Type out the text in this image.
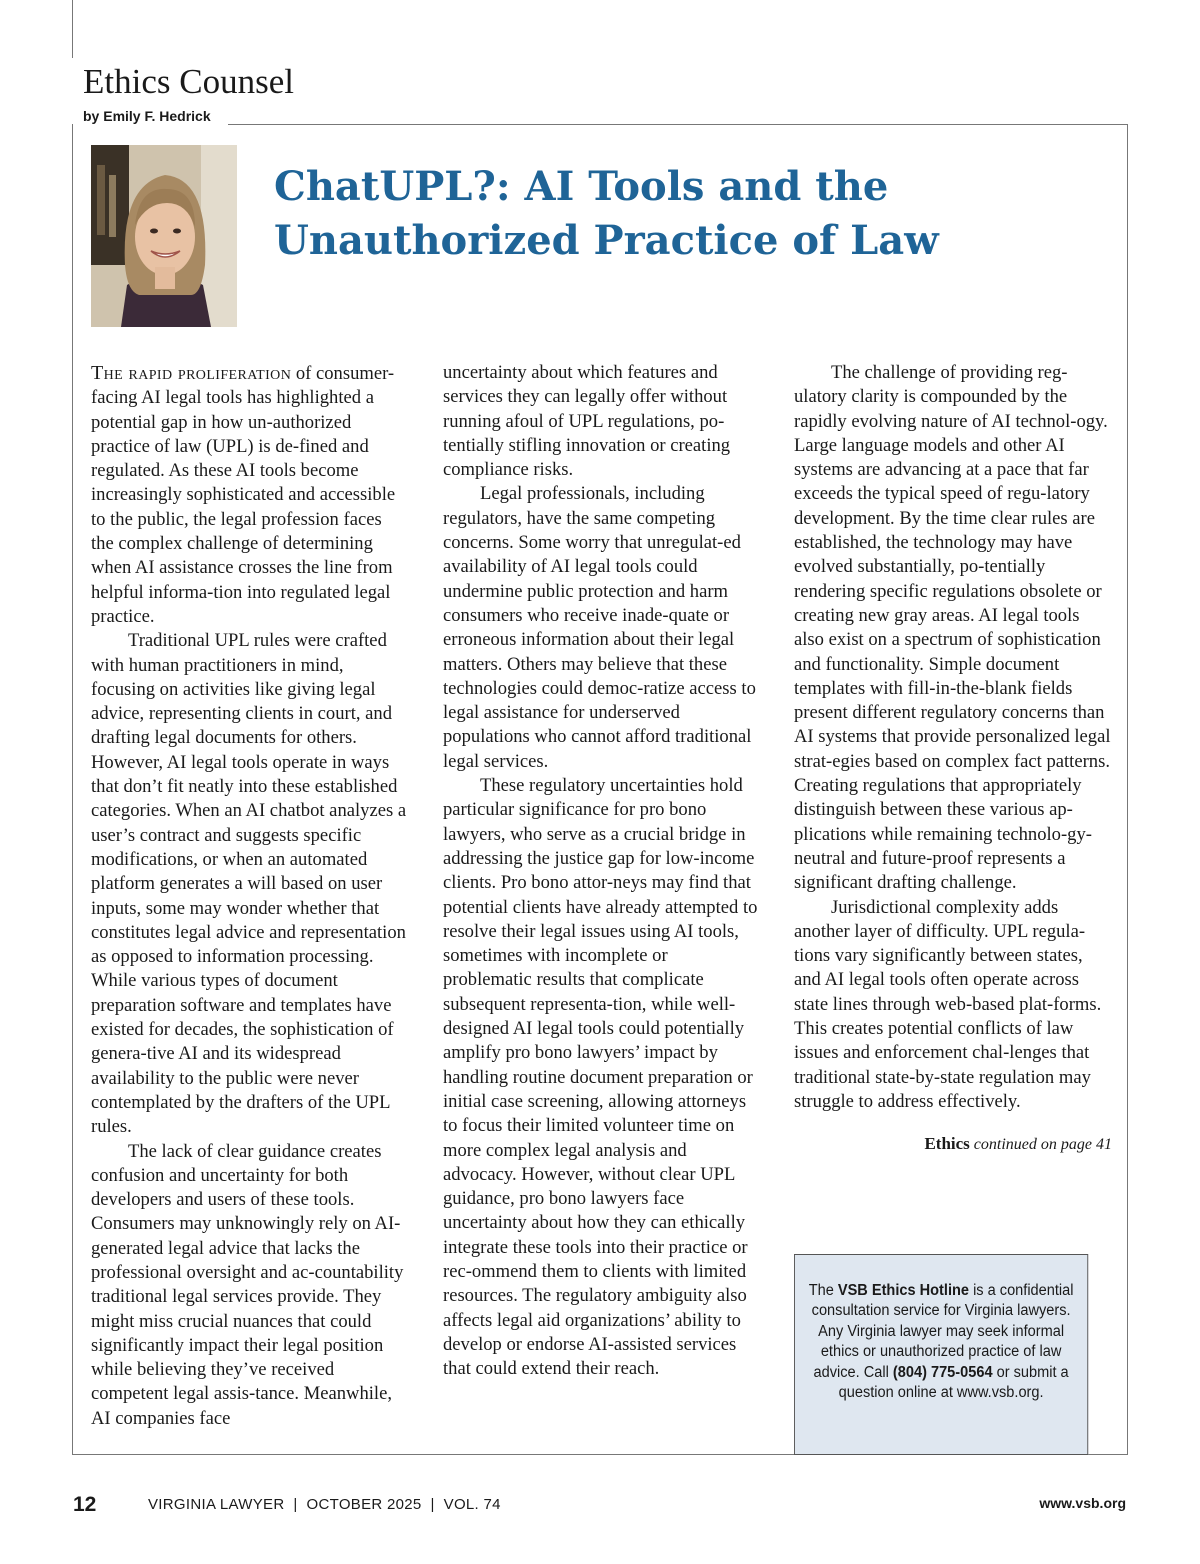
Ethics Counsel
by Emily F. Hedrick
ChatUPL?: AI Tools and the
Unauthorized Practice of Law

The rapid proliferation of consumer-facing AI legal tools has highlighted a potential gap in how un-authorized practice of law (UPL) is de-fined and regulated. As these AI tools become increasingly sophisticated and accessible to the public, the legal profession faces the complex challenge of determining when AI assistance crosses the line from helpful informa-tion into regulated legal practice.

Traditional UPL rules were crafted with human practitioners in mind, focusing on activities like giving legal advice, representing clients in court, and drafting legal documents for others. However, AI legal tools operate in ways that don’t fit neatly into these established categories. When an AI chatbot analyzes a user’s contract and suggests specific modifications, or when an automated platform generates a will based on user inputs, some may wonder whether that constitutes legal advice and representation as opposed to information processing. While various types of document preparation software and templates have existed for decades, the sophistication of genera-tive AI and its widespread availability to the public were never contemplated by the drafters of the UPL rules.

The lack of clear guidance creates confusion and uncertainty for both developers and users of these tools. Consumers may unknowingly rely on AI-generated legal advice that lacks the professional oversight and ac-countability traditional legal services provide. They might miss crucial nuances that could significantly impact their legal position while believing they’ve received competent legal assis-tance. Meanwhile, AI companies face

uncertainty about which features and services they can legally offer without running afoul of UPL regulations, po-tentially stifling innovation or creating compliance risks.

Legal professionals, including regulators, have the same competing concerns. Some worry that unregulat-ed availability of AI legal tools could undermine public protection and harm consumers who receive inade-quate or erroneous information about their legal matters. Others may believe that these technologies could democ-ratize access to legal assistance for underserved populations who cannot afford traditional legal services.

These regulatory uncertainties hold particular significance for pro bono lawyers, who serve as a crucial bridge in addressing the justice gap for low-income clients. Pro bono attor-neys may find that potential clients have already attempted to resolve their legal issues using AI tools, sometimes with incomplete or problematic results that complicate subsequent representa-tion, while well-designed AI legal tools could potentially amplify pro bono lawyers’ impact by handling routine document preparation or initial case screening, allowing attorneys to focus their limited volunteer time on more complex legal analysis and advocacy. However, without clear UPL guidance, pro bono lawyers face uncertainty about how they can ethically integrate these tools into their practice or rec-ommend them to clients with limited resources. The regulatory ambiguity also affects legal aid organizations’ ability to develop or endorse AI-assisted services that could extend their reach.

The challenge of providing reg-ulatory clarity is compounded by the rapidly evolving nature of AI technol-ogy. Large language models and other AI systems are advancing at a pace that far exceeds the typical speed of regu-latory development. By the time clear rules are established, the technology may have evolved substantially, po-tentially rendering specific regulations obsolete or creating new gray areas. AI legal tools also exist on a spectrum of sophistication and functionality. Simple document templates with fill-in-the-blank fields present different regulatory concerns than AI systems that provide personalized legal strat-egies based on complex fact patterns. Creating regulations that appropriately distinguish between these various ap-plications while remaining technolo-gy-neutral and future-proof represents a significant drafting challenge.

Jurisdictional complexity adds another layer of difficulty. UPL regula-tions vary significantly between states, and AI legal tools often operate across state lines through web-based plat-forms. This creates potential conflicts of law issues and enforcement chal-lenges that traditional state-by-state regulation may struggle to address effectively.

Ethics continued on page 41
The VSB Ethics Hotline is a confidential consultation service for Virginia lawyers. Any Virginia lawyer may seek informal ethics or unauthorized practice of law advice. Call (804) 775-0564 or submit a question online at www.vsb.org.
12	VIRGINIA LAWYER  |  OCTOBER 2025  |  VOL. 74	www.vsb.org
